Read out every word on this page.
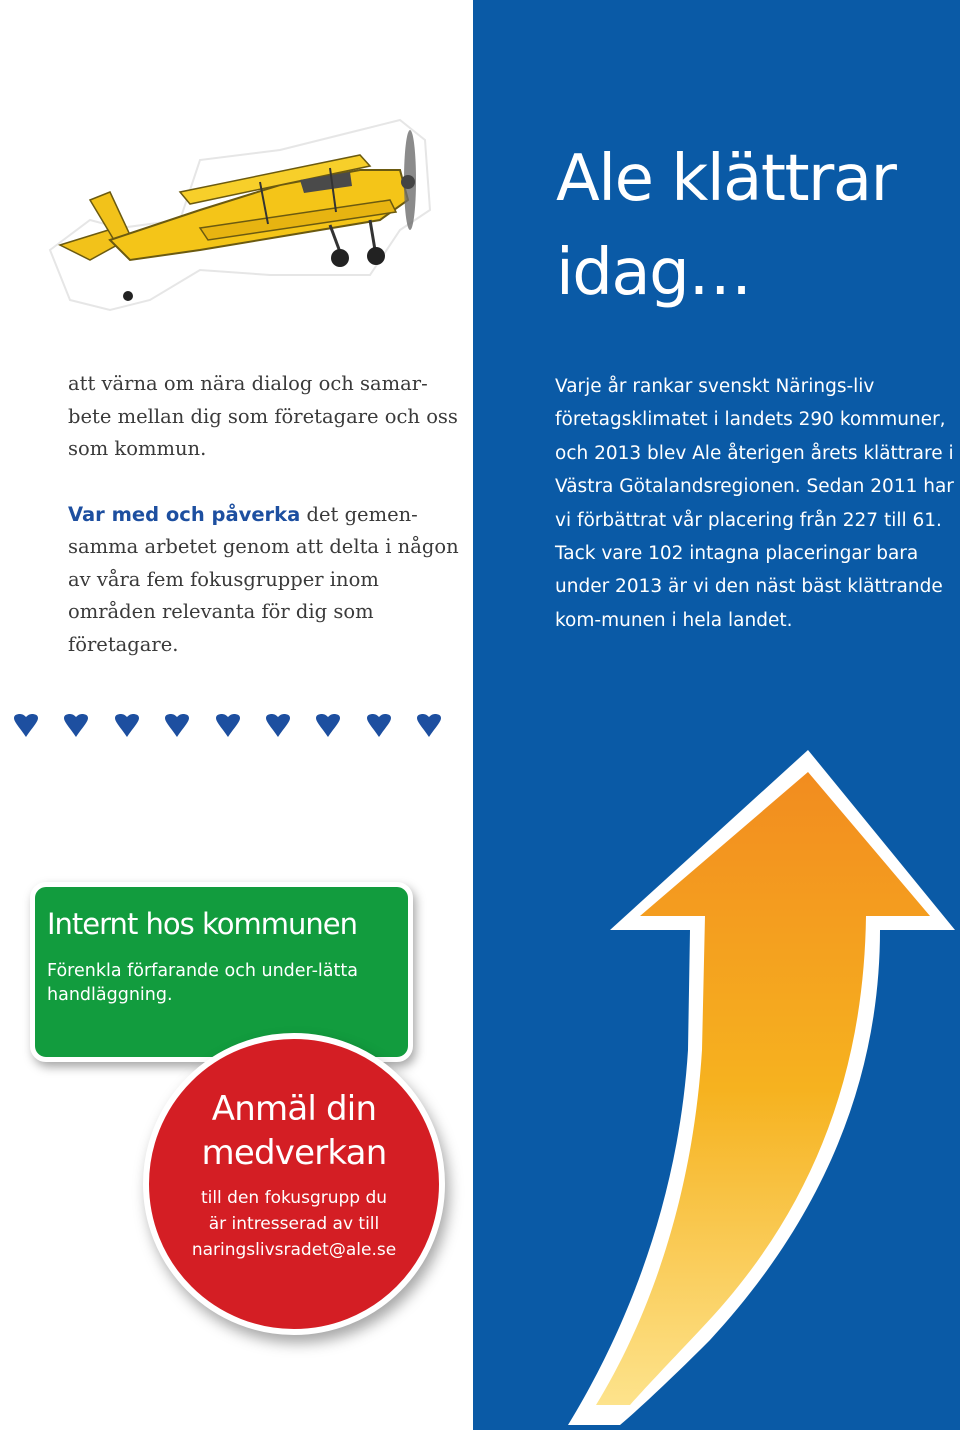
att värna om nära dialog och samar-bete mellan dig som företagare och oss som kommun.

Var med och påverka det gemen-samma arbetet genom att delta i någon av våra fem fokusgrupper inom områden relevanta för dig som företagare.

Ale klättrar
idag…

Varje år rankar svenskt Närings-liv företagsklimatet i landets 290 kommuner, och 2013 blev Ale återigen årets klättrare i Västra Götalandsregionen. Sedan 2011 har vi förbättrat vår placering från 227 till 61. Tack vare 102 intagna placeringar bara under 2013 är vi den näst bäst klättrande kom-munen i hela landet.

Internt hos kommunen

Förenkla förfarande och under-lätta handläggning.

Anmäl din
medverkan

till den fokusgrupp du
är intresserad av till
naringslivsradet@ale.se
